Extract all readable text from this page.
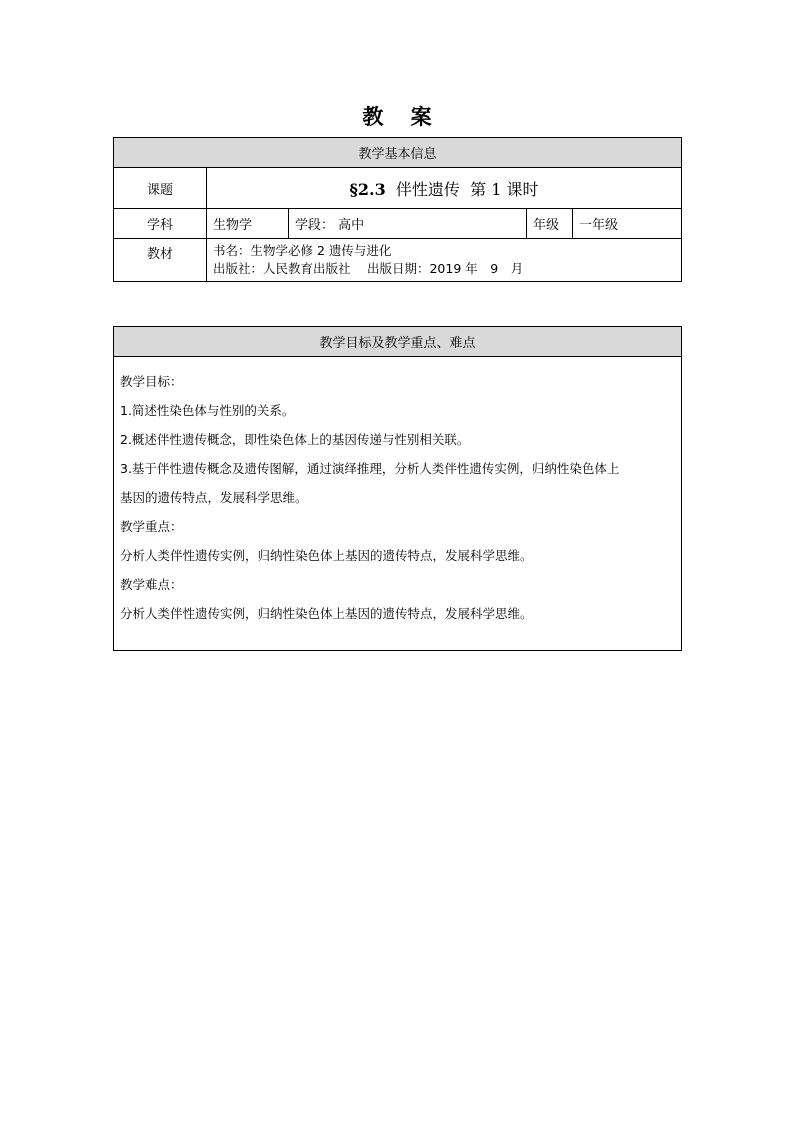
教 案
教学基本信息				
课题	§2.3 伴性遗传 第 1 课时			
学科	生物学	学段： 高中	年级	一年级
教材	书名：生物学必修 2 遗传与进化
出版社：人民教育出版社　 出版日期：2019 年　9　月			
教学目标及教学重点、难点

教学目标：

1.简述性染色体与性别的关系。

2.概述伴性遗传概念，即性染色体上的基因传递与性别相关联。

3.基于伴性遗传概念及遗传图解，通过演绎推理，分析人类伴性遗传实例，归纳性染色体上

基因的遗传特点，发展科学思维。

教学重点：

分析人类伴性遗传实例，归纳性染色体上基因的遗传特点，发展科学思维。

教学难点：

分析人类伴性遗传实例，归纳性染色体上基因的遗传特点，发展科学思维。
